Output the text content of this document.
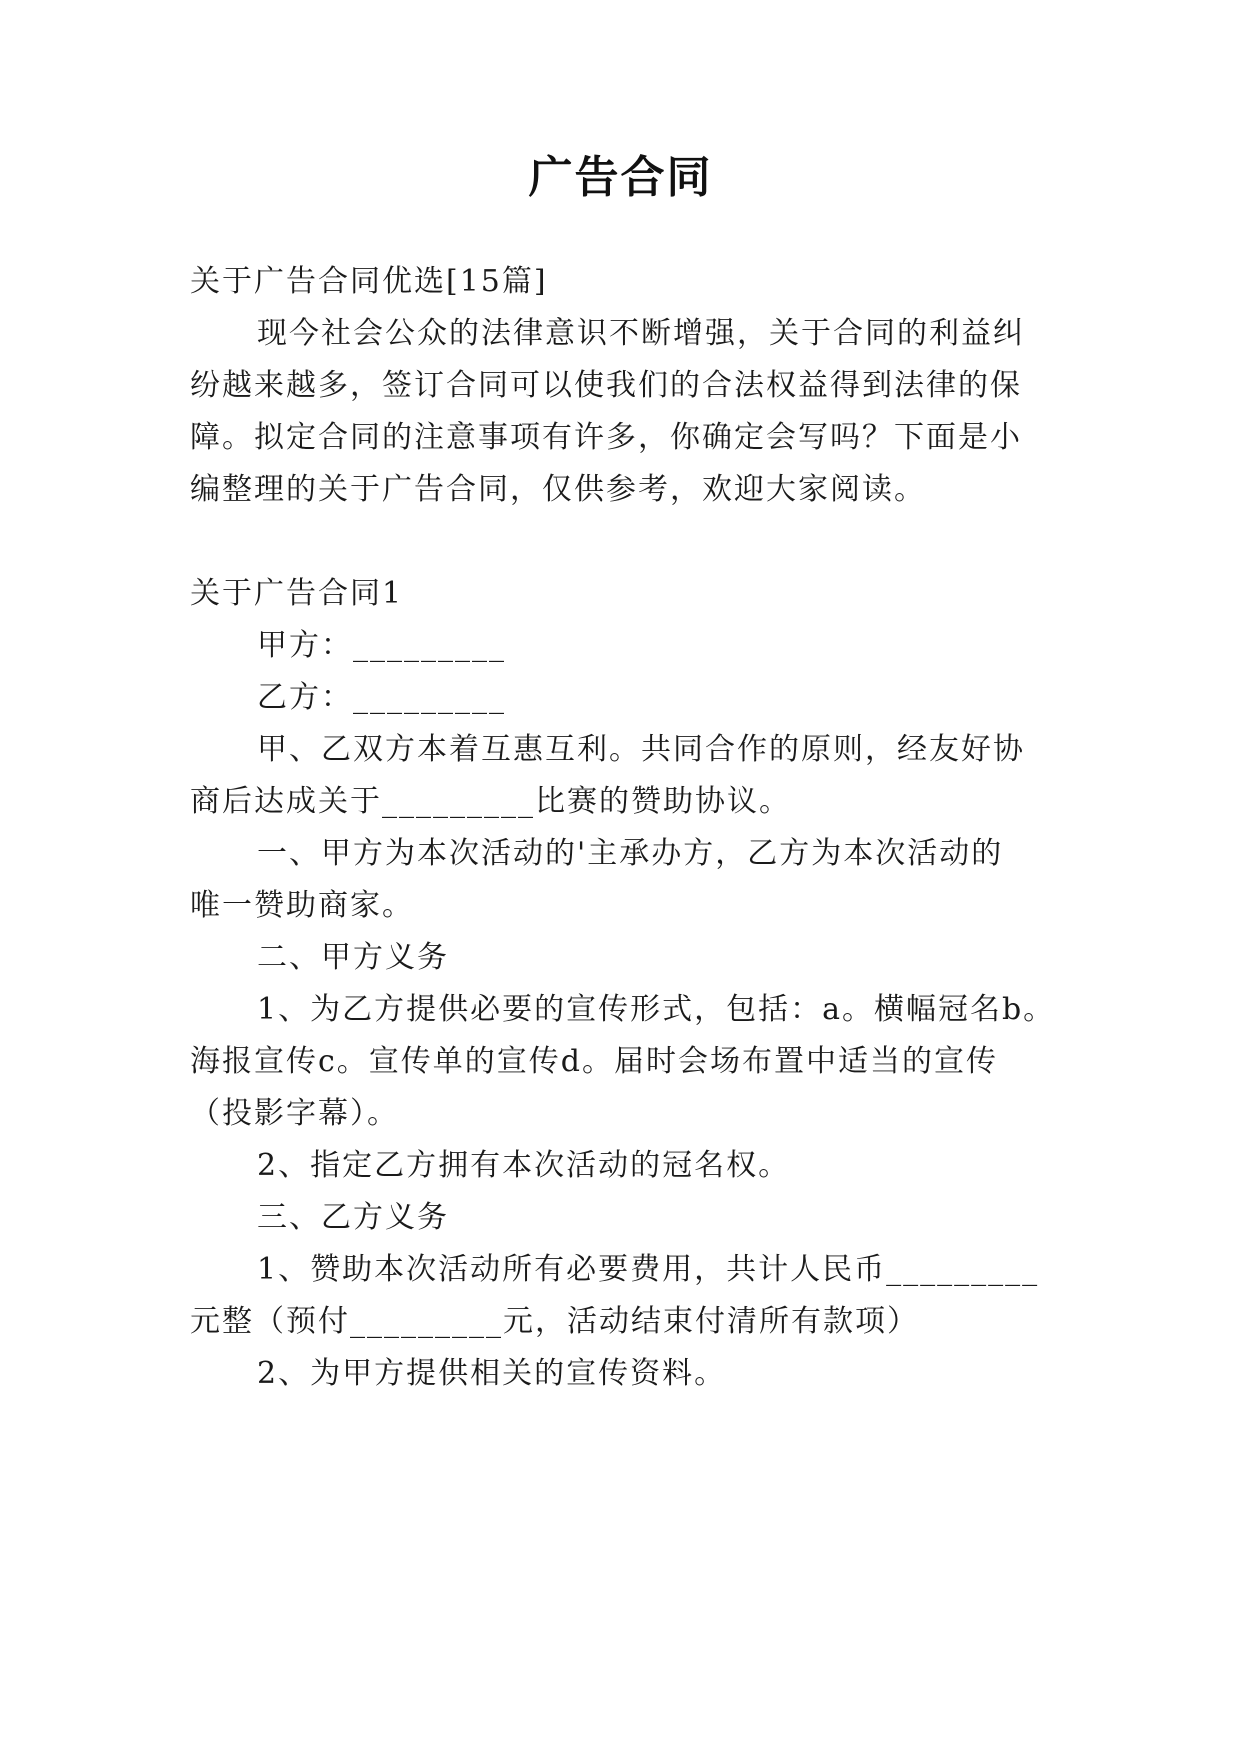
广告合同
关于广告合同优选[15篇]
现今社会公众的法律意识不断增强，关于合同的利益纠
纷越来越多，签订合同可以使我们的合法权益得到法律的保
障。拟定合同的注意事项有许多，你确定会写吗？下面是小
编整理的关于广告合同，仅供参考，欢迎大家阅读。
关于广告合同1
甲方：_________
乙方：_________
甲、乙双方本着互惠互利。共同合作的原则，经友好协
商后达成关于_________比赛的赞助协议。
一、甲方为本次活动的'主承办方，乙方为本次活动的
唯一赞助商家。
二、甲方义务
1、为乙方提供必要的宣传形式，包括：a。横幅冠名b。
海报宣传c。宣传单的宣传d。届时会场布置中适当的宣传
（投影字幕）。
2、指定乙方拥有本次活动的冠名权。
三、乙方义务
1、赞助本次活动所有必要费用，共计人民币_________
元整（预付_________元，活动结束付清所有款项）
2、为甲方提供相关的宣传资料。
